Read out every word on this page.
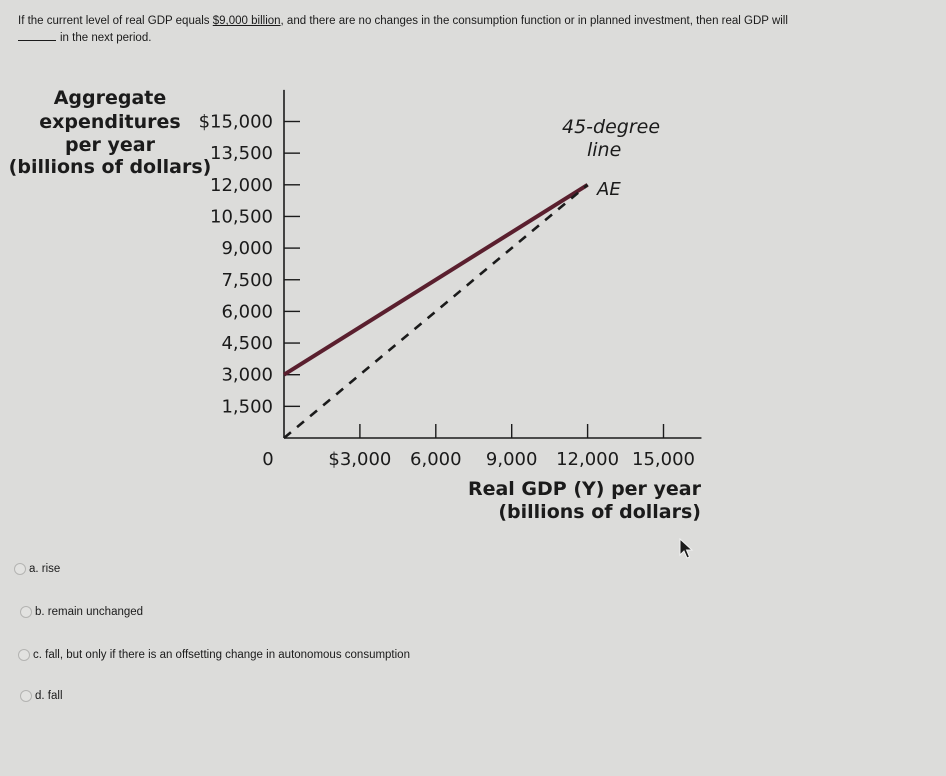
If the current level of real GDP equals $9,000 billion, and there are no changes in the consumption function or in planned investment, then real GDP will
in the next period.
Aggregate
expenditures
per year
(billions of dollars)
$15,000
13,500
12,000
10,500
9,000
7,500
6,000
4,500
3,000
1,500
0	$3,000 6,000 9,000 12,000 15,000
Real GDP (Y) per year
(billions of dollars)
45-degree
line
AE
a.
rise
b.
remain unchanged
c.
fall, but only if there is an offsetting change in autonomous consumption
d.
fall
